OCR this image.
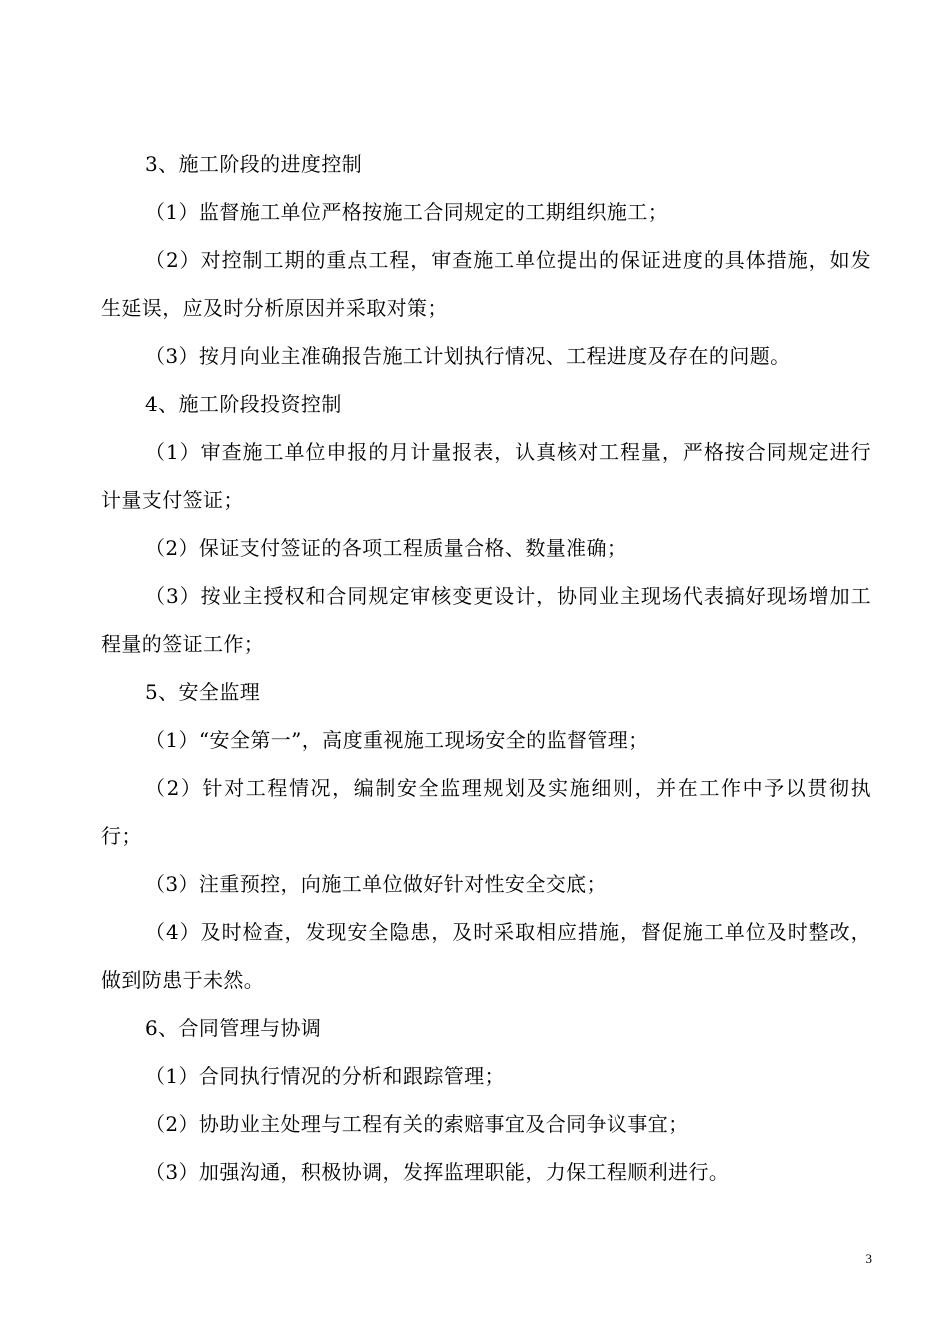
3、施工阶段的进度控制

（1）监督施工单位严格按施工合同规定的工期组织施工；

（2）对控制工期的重点工程，审查施工单位提出的保证进度的具体措施，如发生延误，应及时分析原因并采取对策；

（3）按月向业主准确报告施工计划执行情况、工程进度及存在的问题。

4、施工阶段投资控制

（1）审查施工单位申报的月计量报表，认真核对工程量，严格按合同规定进行计量支付签证；

（2）保证支付签证的各项工程质量合格、数量准确；

（3）按业主授权和合同规定审核变更设计，协同业主现场代表搞好现场增加工程量的签证工作；

5、安全监理

（1）“安全第一”，高度重视施工现场安全的监督管理；

（2）针对工程情况，编制安全监理规划及实施细则，并在工作中予以贯彻执行；

（3）注重预控，向施工单位做好针对性安全交底；

（4）及时检查，发现安全隐患，及时采取相应措施，督促施工单位及时整改，做到防患于未然。

6、合同管理与协调

（1）合同执行情况的分析和跟踪管理；

（2）协助业主处理与工程有关的索赔事宜及合同争议事宜；

（3）加强沟通，积极协调，发挥监理职能，力保工程顺利进行。

3
